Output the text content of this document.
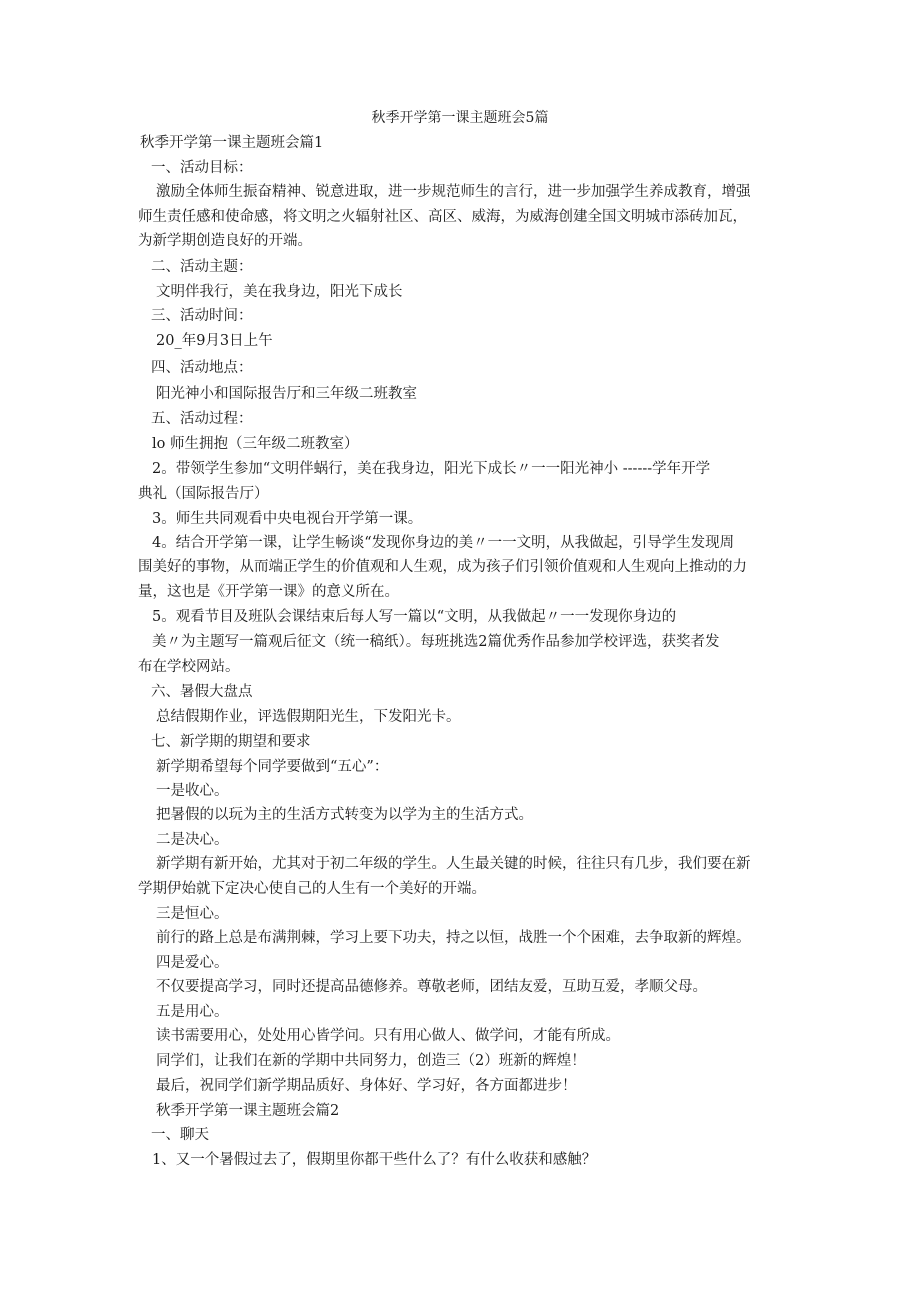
秋季开学第一课主题班会5篇
秋季开学第一课主题班会篇1
一、活动目标：
激励全体师生振奋精神、锐意进取，进一步规范师生的言行，进一步加强学生养成教育，增强
师生责任感和使命感，将文明之火辐射社区、高区、威海，为威海创建全国文明城市添砖加瓦，
为新学期创造良好的开端。
二、活动主题：
文明伴我行，美在我身边，阳光下成长
三、活动时间：
20_年9月3日上午
四、活动地点：
阳光神小和国际报告厅和三年级二班教室
五、活动过程：
lo 师生拥抱（三年级二班教室）
2。带领学生参加“文明伴蜗行，美在我身边，阳光下成长〃一一阳光神小 ------学年开学
典礼（国际报告厅）
3。师生共同观看中央电视台开学第一课。
4。结合开学第一课，让学生畅谈“发现你身边的美〃一一文明，从我做起，引导学生发现周
围美好的事物，从而端正学生的价值观和人生观，成为孩子们引领价值观和人生观向上推动的力
量，这也是《开学第一课》的意义所在。
5。观看节目及班队会课结束后每人写一篇以“文明，从我做起〃一一发现你身边的
美〃为主题写一篇观后征文（统一稿纸）。每班挑选2篇优秀作品参加学校评选，获奖者发
布在学校网站。
六、暑假大盘点
总结假期作业，评选假期阳光生，下发阳光卡。
七、新学期的期望和要求
新学期希望每个同学要做到“五心”：
一是收心。
把暑假的以玩为主的生活方式转变为以学为主的生活方式。
二是决心。
新学期有新开始，尤其对于初二年级的学生。人生最关键的时候，往往只有几步，我们要在新
学期伊始就下定决心使自己的人生有一个美好的开端。
三是恒心。
前行的路上总是布满荆棘，学习上要下功夫，持之以恒，战胜一个个困难，去争取新的辉煌。
四是爱心。
不仅要提高学习，同时还提高品德修养。尊敬老师，团结友爱，互助互爱，孝顺父母。
五是用心。
读书需要用心，处处用心皆学问。只有用心做人、做学问，才能有所成。
同学们，让我们在新的学期中共同努力，创造三（2）班新的辉煌！
最后，祝同学们新学期品质好、身体好、学习好，各方面都进步！
秋季开学第一课主题班会篇2
一、聊天
1、又一个暑假过去了，假期里你都干些什么了？有什么收获和感触？
